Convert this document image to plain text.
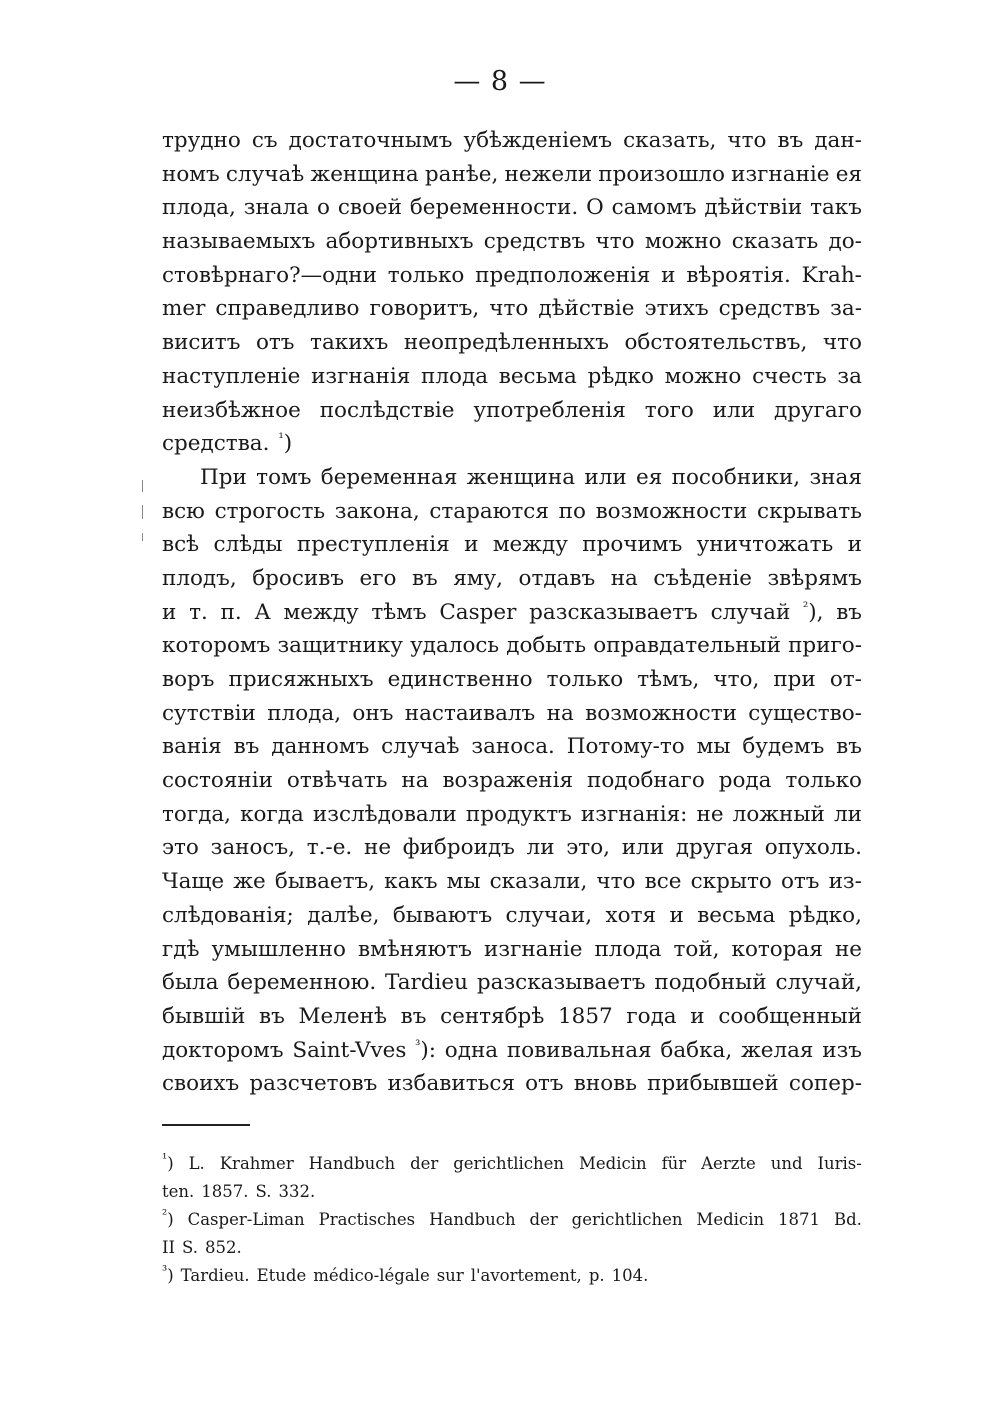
— 8 —
трудно съ достаточнымъ убѣжденіемъ сказать, что въ дан-
номъ случаѣ женщина ранѣе, нежели произошло изгнаніе ея
плода, знала о своей беременности. О самомъ дѣйствіи такъ
называемыхъ абортивныхъ средствъ что можно сказать до-
стовѣрнаго?—одни только предположенія и вѣроятія. Krah-
mer справедливо говоритъ, что дѣйствіе этихъ средствъ за-
виситъ отъ такихъ неопредѣленныхъ обстоятельствъ, что
наступленіе изгнанія плода весьма рѣдко можно счесть за
неизбѣжное послѣдствіе употребленія того или другаго
средства. $^{^1}$)
При томъ беременная женщина или ея пособники, зная
всю строгость закона, стараются по возможности скрывать
всѣ слѣды преступленія и между прочимъ уничтожать и
плодъ, бросивъ его въ яму, отдавъ на съѣденіе звѣрямъ
и т. п. А между тѣмъ Casper разсказываетъ случай $^{^2}$), въ
которомъ защитнику удалось добыть оправдательный приго-
воръ присяжныхъ единственно только тѣмъ, что, при от-
сутствіи плода, онъ настаивалъ на возможности существо-
ванія въ данномъ случаѣ заноса. Потому-то мы будемъ въ
состояніи отвѣчать на возраженія подобнаго рода только
тогда, когда изслѣдовали продуктъ изгнанія: не ложный ли
это заносъ, т.-е. не фиброидъ ли это, или другая опухоль.
Чаще же бываетъ, какъ мы сказали, что все скрыто отъ из-
слѣдованія; далѣе, бываютъ случаи, хотя и весьма рѣдко,
гдѣ умышленно вмѣняютъ изгнаніе плода той, которая не
была беременною. Tardieu разсказываетъ подобный случай,
бывшій въ Меленѣ въ сентябрѣ 1857 года и сообщенный
докторомъ Saint-Vves $^{^3}$): одна повивальная бабка, желая изъ
своихъ разсчетовъ избавиться отъ вновь прибывшей сопер-
$^{^1}$) L. Krahmer Handbuch der gerichtlichen Medicin für Aerzte und Iuris-
ten. 1857. S. 332.
$^{^2}$) Casper-Liman Practisches Handbuch der gerichtlichen Medicin 1871 Bd.
II S. 852.
$^{^3}$) Tardieu. Etude médico-légale sur l'avortement, p. 104.
